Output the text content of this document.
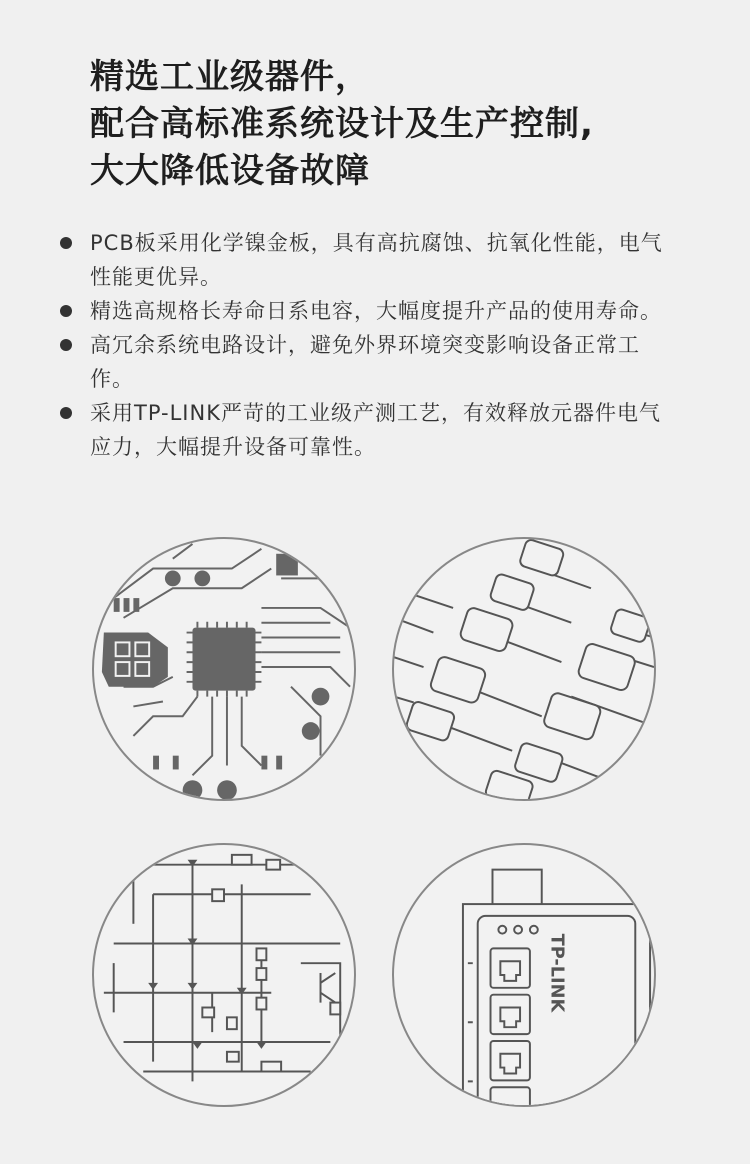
精选工业级器件，
配合高标准系统设计及生产控制,
大大降低设备故障
PCB板采用化学镍金板，具有高抗腐蚀、抗氧化性能，电气性能更优异。
精选高规格长寿命日系电容，大幅度提升产品的使用寿命。
高冗余系统电路设计，避免外界环境突变影响设备正常工作。
采用TP-LINK严苛的工业级产测工艺，有效释放元器件电气应力，大幅提升设备可靠性。
TP-LINK
